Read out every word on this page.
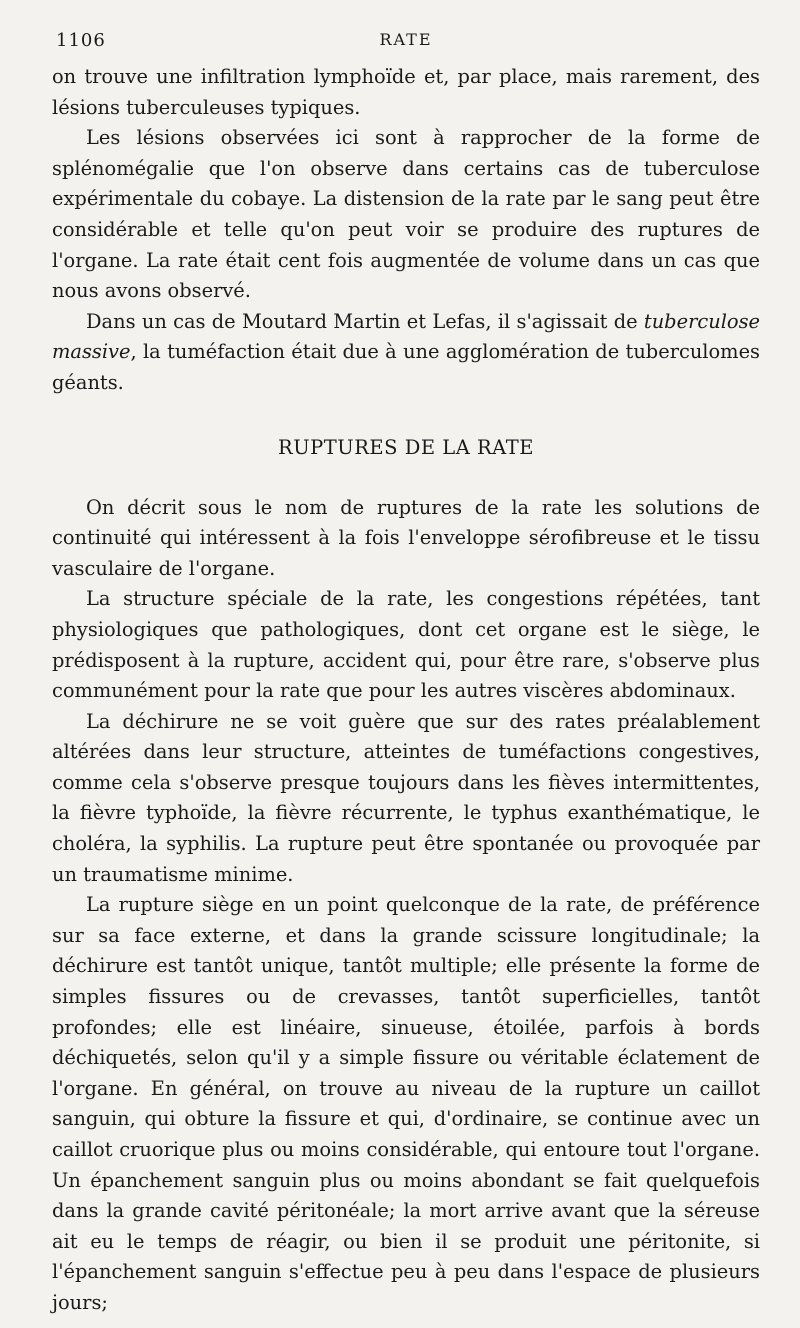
1106	RATE

on trouve une infiltration lymphoïde et, par place, mais rarement, des lésions tuberculeuses typiques.

Les lésions observées ici sont à rapprocher de la forme de splénomégalie que l'on observe dans certains cas de tuberculose expérimentale du cobaye. La distension de la rate par le sang peut être considérable et telle qu'on peut voir se produire des ruptures de l'organe. La rate était cent fois augmentée de volume dans un cas que nous avons observé.

Dans un cas de Moutard Martin et Lefas, il s'agissait de tuberculose massive, la tuméfaction était due à une agglomération de tuberculomes géants.

RUPTURES DE LA RATE

On décrit sous le nom de ruptures de la rate les solutions de continuité qui intéressent à la fois l'enveloppe sérofibreuse et le tissu vasculaire de l'organe.

La structure spéciale de la rate, les congestions répétées, tant physiologiques que pathologiques, dont cet organe est le siège, le prédisposent à la rupture, accident qui, pour être rare, s'observe plus communément pour la rate que pour les autres viscères abdominaux.

La déchirure ne se voit guère que sur des rates préalablement altérées dans leur structure, atteintes de tuméfactions congestives, comme cela s'observe presque toujours dans les fièves intermittentes, la fièvre typhoïde, la fièvre récurrente, le typhus exanthématique, le choléra, la syphilis. La rupture peut être spontanée ou provoquée par un traumatisme minime.

La rupture siège en un point quelconque de la rate, de préférence sur sa face externe, et dans la grande scissure longitudinale; la déchirure est tantôt unique, tantôt multiple; elle présente la forme de simples fissures ou de crevasses, tantôt superficielles, tantôt profondes; elle est linéaire, sinueuse, étoilée, parfois à bords déchiquetés, selon qu'il y a simple fissure ou véritable éclatement de l'organe. En général, on trouve au niveau de la rupture un caillot sanguin, qui obture la fissure et qui, d'ordinaire, se continue avec un caillot cruorique plus ou moins considérable, qui entoure tout l'organe. Un épanchement sanguin plus ou moins abondant se fait quelquefois dans la grande cavité péritonéale; la mort arrive avant que la séreuse ait eu le temps de réagir, ou bien il se produit une péritonite, si l'épanchement sanguin s'effectue peu à peu dans l'espace de plusieurs jours;
